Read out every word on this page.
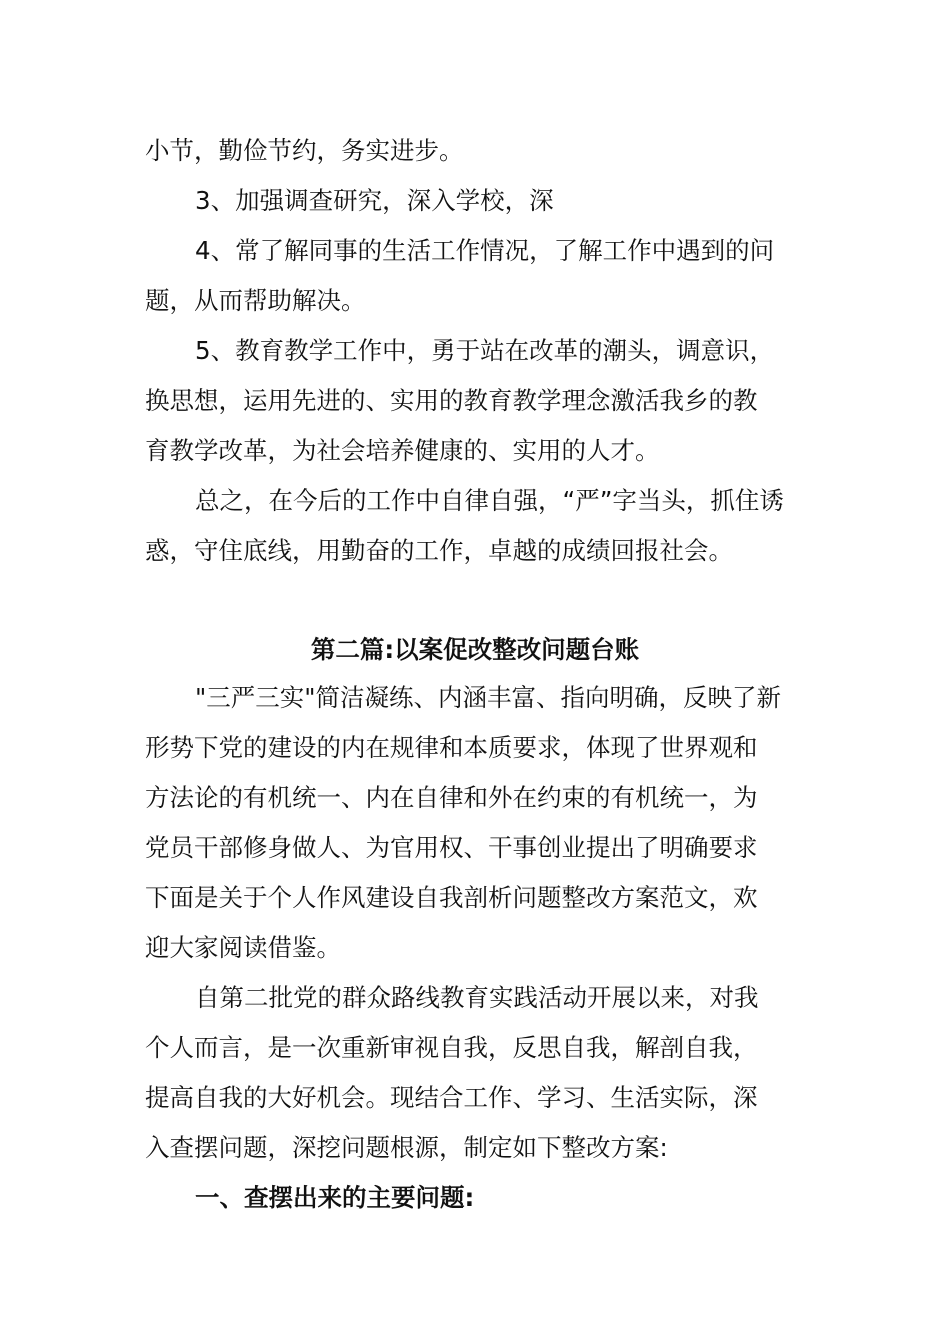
小节，勤俭节约，务实进步。
3、加强调查研究，深入学校，深
4、常了解同事的生活工作情况，了解工作中遇到的问
题，从而帮助解决。
5、教育教学工作中，勇于站在改革的潮头，调意识，
换思想，运用先进的、实用的教育教学理念激活我乡的教
育教学改革，为社会培养健康的、实用的人才。
总之，在今后的工作中自律自强，“严”字当头，抓住诱
惑，守住底线，用勤奋的工作，卓越的成绩回报社会。
第二篇:以案促改整改问题台账
"三严三实"简洁凝练、内涵丰富、指向明确，反映了新
形势下党的建设的内在规律和本质要求，体现了世界观和
方法论的有机统一、内在自律和外在约束的有机统一，为
党员干部修身做人、为官用权、干事创业提出了明确要求
下面是关于个人作风建设自我剖析问题整改方案范文，欢
迎大家阅读借鉴。
自第二批党的群众路线教育实践活动开展以来，对我
个人而言，是一次重新审视自我，反思自我，解剖自我，
提高自我的大好机会。现结合工作、学习、生活实际，深
入查摆问题，深挖问题根源，制定如下整改方案:
一、查摆出来的主要问题:
